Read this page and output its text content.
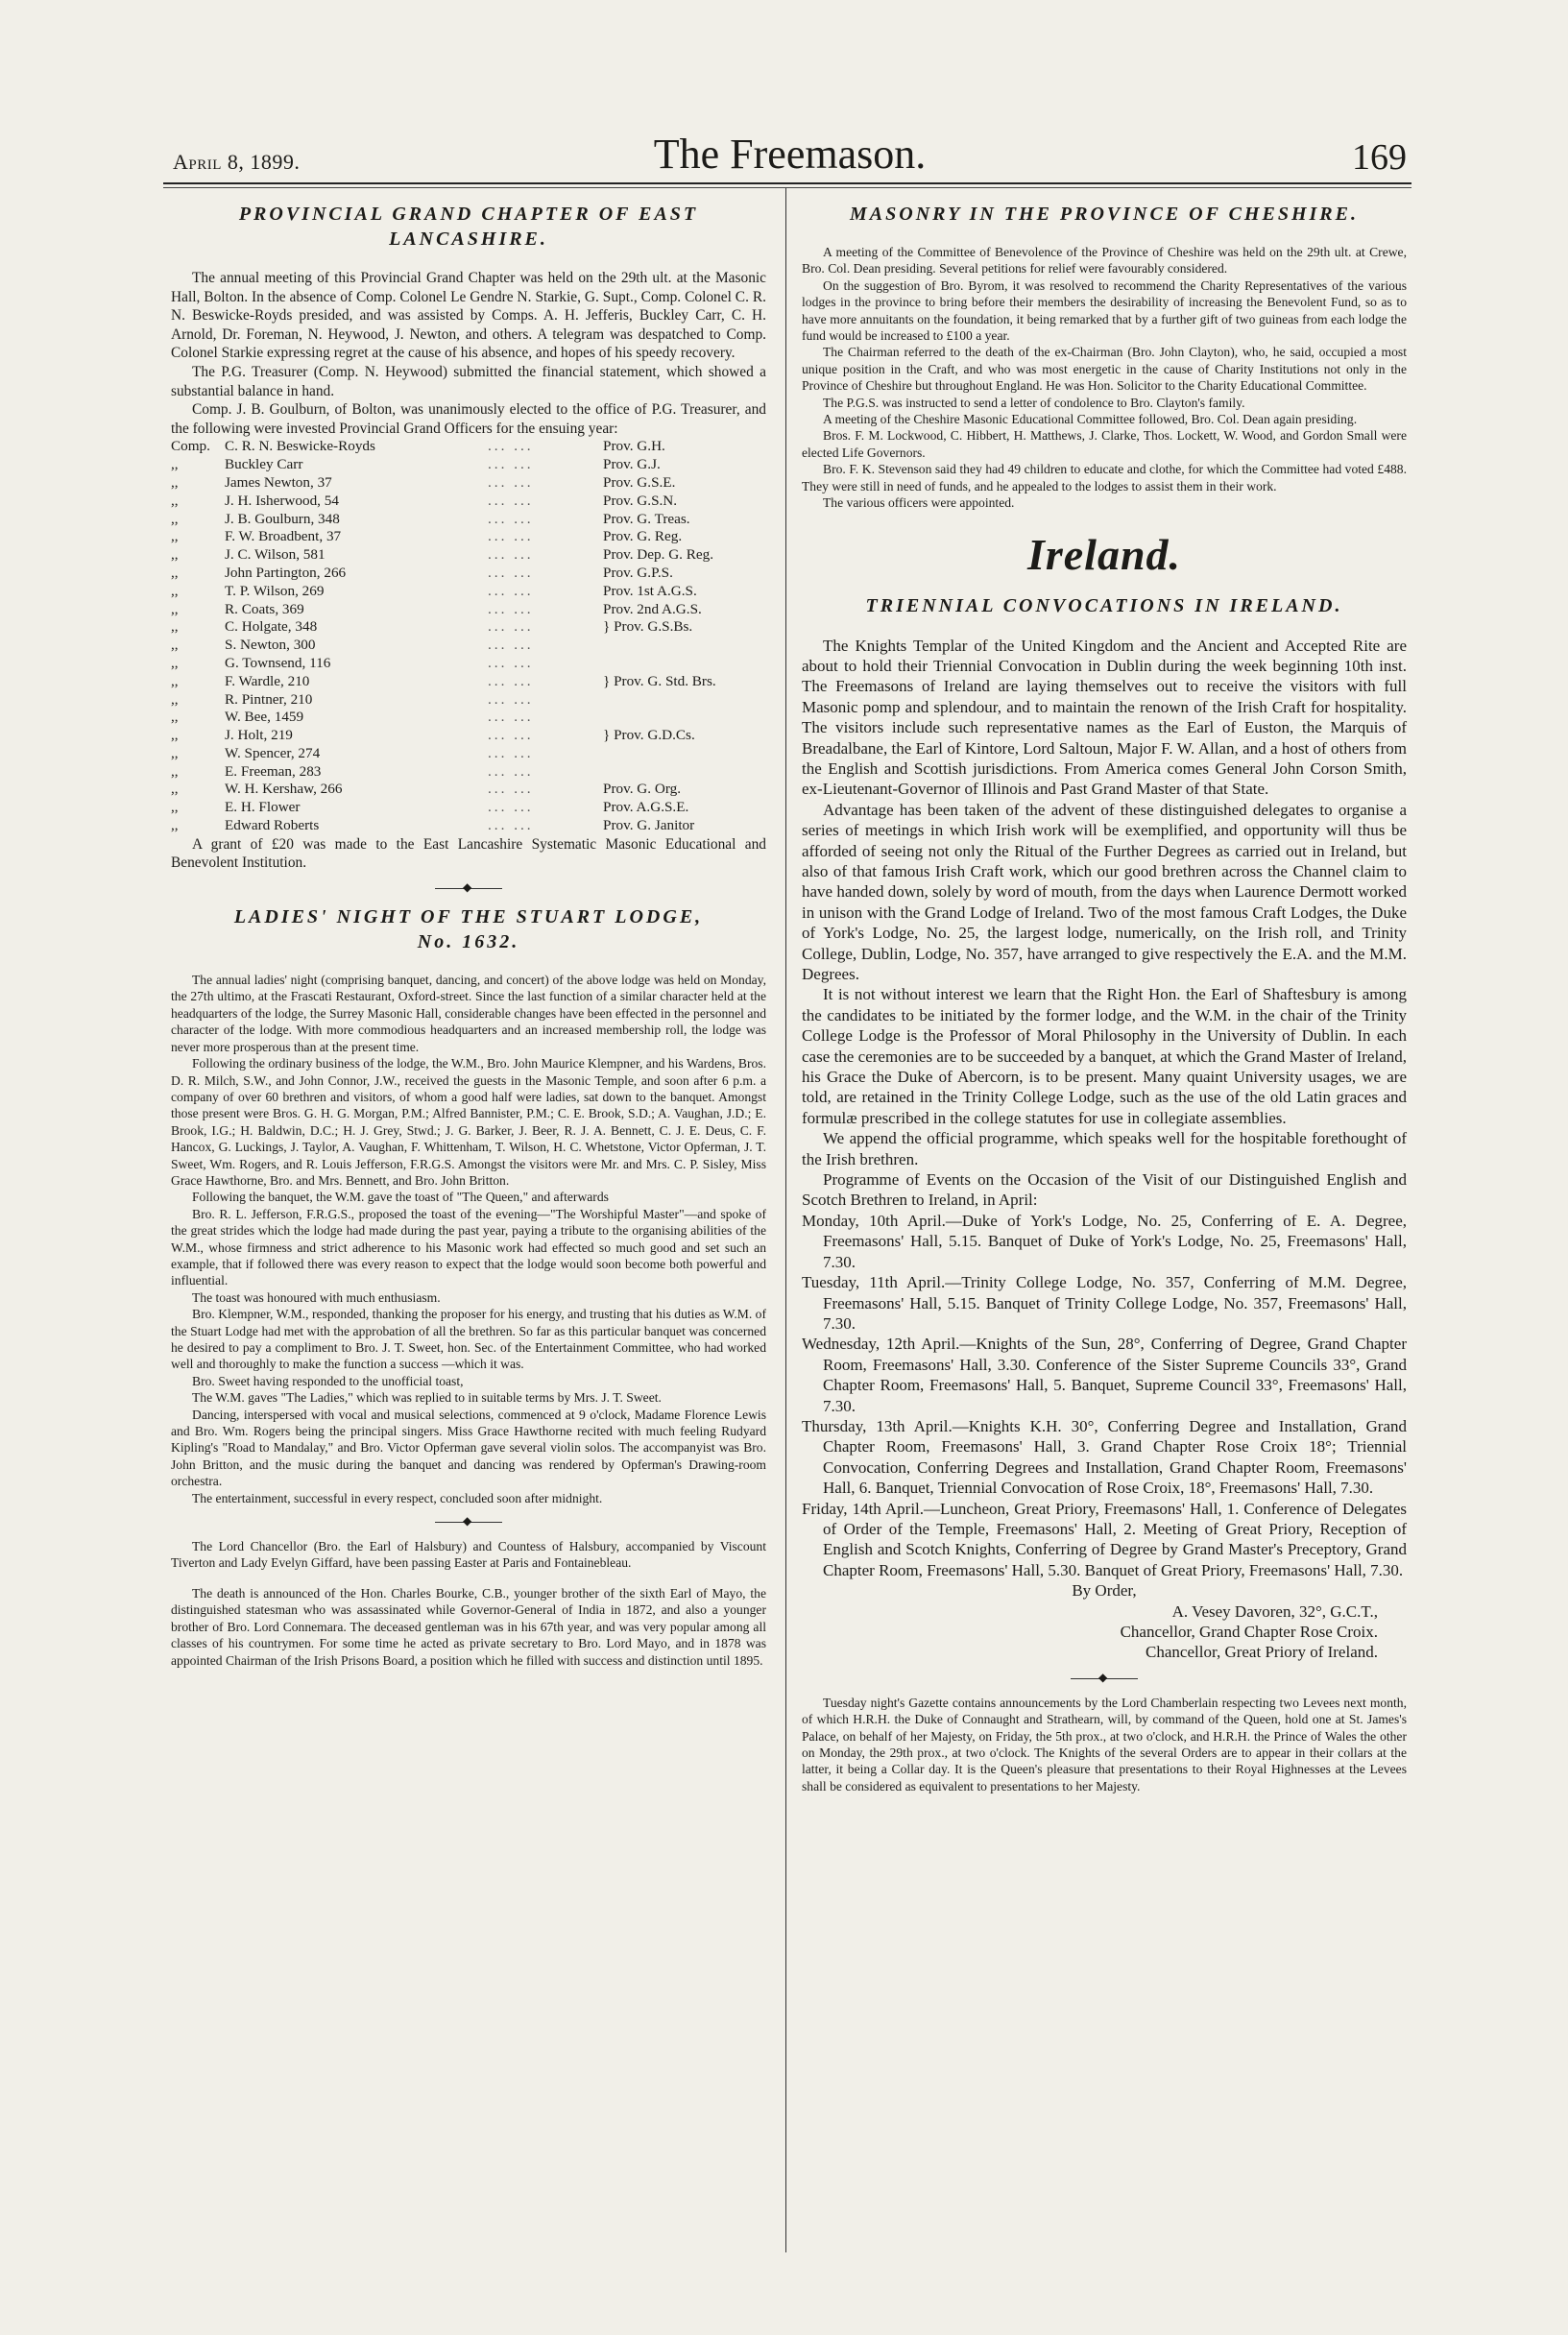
April 8, 1899.	The Freemason.	169
PROVINCIAL GRAND CHAPTER OF EAST
LANCASHIRE.

The annual meeting of this Provincial Grand Chapter was held on the 29th ult. at the Masonic Hall, Bolton. In the absence of Comp. Colonel Le Gendre N. Starkie, G. Supt., Comp. Colonel C. R. N. Beswicke-Royds presided, and was assisted by Comps. A. H. Jefferis, Buckley Carr, C. H. Arnold, Dr. Foreman, N. Heywood, J. Newton, and others. A telegram was despatched to Comp. Colonel Starkie expressing regret at the cause of his absence, and hopes of his speedy recovery.

The P.G. Treasurer (Comp. N. Heywood) submitted the financial statement, which showed a substantial balance in hand.

Comp. J. B. Goulburn, of Bolton, was unanimously elected to the office of P.G. Treasurer, and the following were invested Provincial Grand Officers for the ensuing year:

Comp.	C. R. N. Beswicke-Royds	... ...	Prov. G.H.
,,	Buckley Carr	... ...	Prov. G.J.
,,	James Newton, 37	... ...	Prov. G.S.E.
,,	J. H. Isherwood, 54	... ...	Prov. G.S.N.
,,	J. B. Goulburn, 348	... ...	Prov. G. Treas.
,,	F. W. Broadbent, 37	... ...	Prov. G. Reg.
,,	J. C. Wilson, 581	... ...	Prov. Dep. G. Reg.
,,	John Partington, 266	... ...	Prov. G.P.S.
,,	T. P. Wilson, 269	... ...	Prov. 1st A.G.S.
,,	R. Coats, 369	... ...	Prov. 2nd A.G.S.
,,	C. Holgate, 348	... ...	} Prov. G.S.Bs.
,,	S. Newton, 300	... ...	
,,	G. Townsend, 116	... ...	
,,	F. Wardle, 210	... ...	} Prov. G. Std. Brs.
,,	R. Pintner, 210	... ...	
,,	W. Bee, 1459	... ...	
,,	J. Holt, 219	... ...	} Prov. G.D.Cs.
,,	W. Spencer, 274	... ...	
,,	E. Freeman, 283	... ...	
,,	W. H. Kershaw, 266	... ...	Prov. G. Org.
,,	E. H. Flower	... ...	Prov. A.G.S.E.
,,	Edward Roberts	... ...	Prov. G. Janitor

A grant of £20 was made to the East Lancashire Systematic Masonic Educational and Benevolent Institution.

◆
LADIES' NIGHT OF THE STUART LODGE,
No. 1632.

The annual ladies' night (comprising banquet, dancing, and concert) of the above lodge was held on Monday, the 27th ultimo, at the Frascati Restaurant, Oxford-street. Since the last function of a similar character held at the headquarters of the lodge, the Surrey Masonic Hall, considerable changes have been effected in the personnel and character of the lodge. With more commodious headquarters and an increased membership roll, the lodge was never more prosperous than at the present time.

Following the ordinary business of the lodge, the W.M., Bro. John Maurice Klempner, and his Wardens, Bros. D. R. Milch, S.W., and John Connor, J.W., received the guests in the Masonic Temple, and soon after 6 p.m. a company of over 60 brethren and visitors, of whom a good half were ladies, sat down to the banquet. Amongst those present were Bros. G. H. G. Morgan, P.M.; Alfred Bannister, P.M.; C. E. Brook, S.D.; A. Vaughan, J.D.; E. Brook, I.G.; H. Baldwin, D.C.; H. J. Grey, Stwd.; J. G. Barker, J. Beer, R. J. A. Bennett, C. J. E. Deus, C. F. Hancox, G. Luckings, J. Taylor, A. Vaughan, F. Whittenham, T. Wilson, H. C. Whetstone, Victor Opferman, J. T. Sweet, Wm. Rogers, and R. Louis Jefferson, F.R.G.S. Amongst the visitors were Mr. and Mrs. C. P. Sisley, Miss Grace Hawthorne, Bro. and Mrs. Bennett, and Bro. John Britton.

Following the banquet, the W.M. gave the toast of "The Queen," and afterwards

Bro. R. L. Jefferson, F.R.G.S., proposed the toast of the evening—"The Worshipful Master"—and spoke of the great strides which the lodge had made during the past year, paying a tribute to the organising abilities of the W.M., whose firmness and strict adherence to his Masonic work had effected so much good and set such an example, that if followed there was every reason to expect that the lodge would soon become both powerful and influential.

The toast was honoured with much enthusiasm.

Bro. Klempner, W.M., responded, thanking the proposer for his energy, and trusting that his duties as W.M. of the Stuart Lodge had met with the approbation of all the brethren. So far as this particular banquet was concerned he desired to pay a compliment to Bro. J. T. Sweet, hon. Sec. of the Entertainment Committee, who had worked well and thoroughly to make the function a success —which it was.

Bro. Sweet having responded to the unofficial toast,

The W.M. gaves "The Ladies," which was replied to in suitable terms by Mrs. J. T. Sweet.

Dancing, interspersed with vocal and musical selections, commenced at 9 o'clock, Madame Florence Lewis and Bro. Wm. Rogers being the principal singers. Miss Grace Hawthorne recited with much feeling Rudyard Kipling's "Road to Mandalay," and Bro. Victor Opferman gave several violin solos. The accompanyist was Bro. John Britton, and the music during the banquet and dancing was rendered by Opferman's Drawing-room orchestra.

The entertainment, successful in every respect, concluded soon after midnight.

◆

The Lord Chancellor (Bro. the Earl of Halsbury) and Countess of Halsbury, accompanied by Viscount Tiverton and Lady Evelyn Giffard, have been passing Easter at Paris and Fontainebleau.

The death is announced of the Hon. Charles Bourke, C.B., younger brother of the sixth Earl of Mayo, the distinguished statesman who was assassinated while Governor-General of India in 1872, and also a younger brother of Bro. Lord Connemara. The deceased gentleman was in his 67th year, and was very popular among all classes of his countrymen. For some time he acted as private secretary to Bro. Lord Mayo, and in 1878 was appointed Chairman of the Irish Prisons Board, a position which he filled with success and distinction until 1895.

MASONRY IN THE PROVINCE OF CHESHIRE.

A meeting of the Committee of Benevolence of the Province of Cheshire was held on the 29th ult. at Crewe, Bro. Col. Dean presiding. Several petitions for relief were favourably considered.

On the suggestion of Bro. Byrom, it was resolved to recommend the Charity Representatives of the various lodges in the province to bring before their members the desirability of increasing the Benevolent Fund, so as to have more annuitants on the foundation, it being remarked that by a further gift of two guineas from each lodge the fund would be increased to £100 a year.

The Chairman referred to the death of the ex-Chairman (Bro. John Clayton), who, he said, occupied a most unique position in the Craft, and who was most energetic in the cause of Charity Institutions not only in the Province of Cheshire but throughout England. He was Hon. Solicitor to the Charity Educational Committee.

The P.G.S. was instructed to send a letter of condolence to Bro. Clayton's family.

A meeting of the Cheshire Masonic Educational Committee followed, Bro. Col. Dean again presiding.

Bros. F. M. Lockwood, C. Hibbert, H. Matthews, J. Clarke, Thos. Lockett, W. Wood, and Gordon Small were elected Life Governors.

Bro. F. K. Stevenson said they had 49 children to educate and clothe, for which the Committee had voted £488. They were still in need of funds, and he appealed to the lodges to assist them in their work.

The various officers were appointed.

Ireland.
TRIENNIAL CONVOCATIONS IN IRELAND.

The Knights Templar of the United Kingdom and the Ancient and Accepted Rite are about to hold their Triennial Convocation in Dublin during the week beginning 10th inst. The Freemasons of Ireland are laying themselves out to receive the visitors with full Masonic pomp and splendour, and to maintain the renown of the Irish Craft for hospitality. The visitors include such representative names as the Earl of Euston, the Marquis of Breadalbane, the Earl of Kintore, Lord Saltoun, Major F. W. Allan, and a host of others from the English and Scottish jurisdictions. From America comes General John Corson Smith, ex-Lieutenant-Governor of Illinois and Past Grand Master of that State.

Advantage has been taken of the advent of these distinguished delegates to organise a series of meetings in which Irish work will be exemplified, and opportunity will thus be afforded of seeing not only the Ritual of the Further Degrees as carried out in Ireland, but also of that famous Irish Craft work, which our good brethren across the Channel claim to have handed down, solely by word of mouth, from the days when Laurence Dermott worked in unison with the Grand Lodge of Ireland. Two of the most famous Craft Lodges, the Duke of York's Lodge, No. 25, the largest lodge, numerically, on the Irish roll, and Trinity College, Dublin, Lodge, No. 357, have arranged to give respectively the E.A. and the M.M. Degrees.

It is not without interest we learn that the Right Hon. the Earl of Shaftesbury is among the candidates to be initiated by the former lodge, and the W.M. in the chair of the Trinity College Lodge is the Professor of Moral Philosophy in the University of Dublin. In each case the ceremonies are to be succeeded by a banquet, at which the Grand Master of Ireland, his Grace the Duke of Abercorn, is to be present. Many quaint University usages, we are told, are retained in the Trinity College Lodge, such as the use of the old Latin graces and formulæ prescribed in the college statutes for use in collegiate assemblies.

We append the official programme, which speaks well for the hospitable forethought of the Irish brethren.

Programme of Events on the Occasion of the Visit of our Distinguished English and Scotch Brethren to Ireland, in April:

Monday, 10th April.—Duke of York's Lodge, No. 25, Conferring of E. A. Degree, Freemasons' Hall, 5.15. Banquet of Duke of York's Lodge, No. 25, Freemasons' Hall, 7.30.

Tuesday, 11th April.—Trinity College Lodge, No. 357, Conferring of M.M. Degree, Freemasons' Hall, 5.15. Banquet of Trinity College Lodge, No. 357, Freemasons' Hall, 7.30.

Wednesday, 12th April.—Knights of the Sun, 28°, Conferring of Degree, Grand Chapter Room, Freemasons' Hall, 3.30. Conference of the Sister Supreme Councils 33°, Grand Chapter Room, Freemasons' Hall, 5. Banquet, Supreme Council 33°, Freemasons' Hall, 7.30.

Thursday, 13th April.—Knights K.H. 30°, Conferring Degree and Installation, Grand Chapter Room, Freemasons' Hall, 3. Grand Chapter Rose Croix 18°; Triennial Convocation, Conferring Degrees and Installation, Grand Chapter Room, Freemasons' Hall, 6. Banquet, Triennial Convocation of Rose Croix, 18°, Freemasons' Hall, 7.30.

Friday, 14th April.—Luncheon, Great Priory, Freemasons' Hall, 1. Conference of Delegates of Order of the Temple, Freemasons' Hall, 2. Meeting of Great Priory, Reception of English and Scotch Knights, Conferring of Degree by Grand Master's Preceptory, Grand Chapter Room, Freemasons' Hall, 5.30. Banquet of Great Priory, Freemasons' Hall, 7.30.

By Order,
A. Vesey Davoren, 32°, G.C.T.,
Chancellor, Grand Chapter Rose Croix.
Chancellor, Great Priory of Ireland.
◆

Tuesday night's Gazette contains announcements by the Lord Chamberlain respecting two Levees next month, of which H.R.H. the Duke of Connaught and Strathearn, will, by command of the Queen, hold one at St. James's Palace, on behalf of her Majesty, on Friday, the 5th prox., at two o'clock, and H.R.H. the Prince of Wales the other on Monday, the 29th prox., at two o'clock. The Knights of the several Orders are to appear in their collars at the latter, it being a Collar day. It is the Queen's pleasure that presentations to their Royal Highnesses at the Levees shall be considered as equivalent to presentations to her Majesty.
